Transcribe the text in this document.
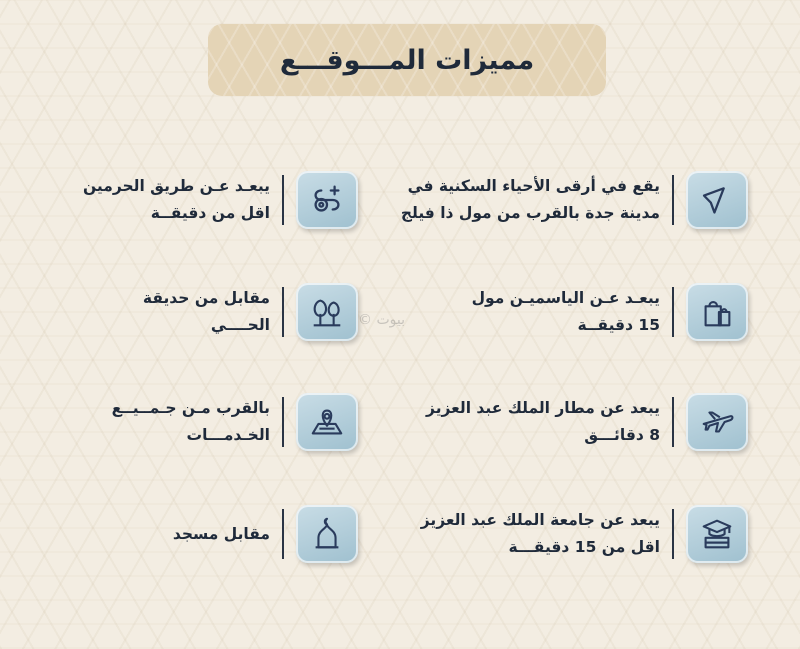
مميزات المـــوقـــع
بيوت ©
يقع في أرقى الأحياء السكنية في
مدينة جدة بالقرب من مول ذا فيلج
يبعـد عـن طريق الحرمين
اقل من دقيقــة
يبعـد عـن الياسميـن مول
15 دقيقــة
مقابل من حديقة
الحــــي
يبعد عن مطار الملك عبد العزيز
8 دقائـــق
بالقرب مـن جـمــيــع
الخـدمـــات
يبعد عن جامعة الملك عبد العزيز
اقل من 15 دقيقـــة
مقابل مسجد
